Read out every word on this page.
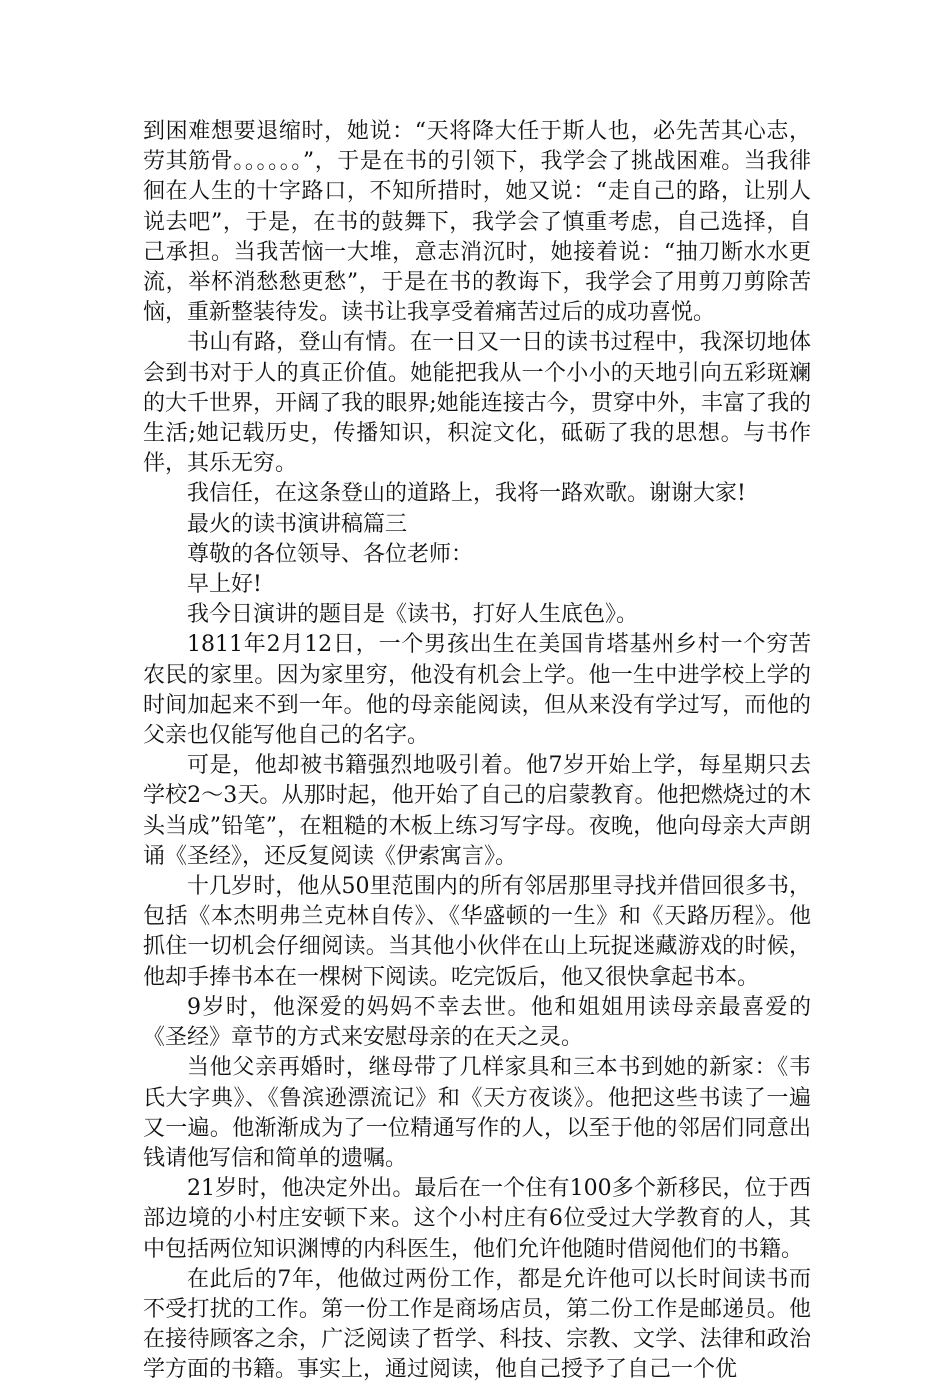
到困难想要退缩时，她说：“天将降大任于斯人也，必先苦其心志，劳其筋骨。。。。。。”，于是在书的引领下，我学会了挑战困难。当我徘徊在人生的十字路口，不知所措时，她又说：“走自己的路，让别人说去吧”，于是，在书的鼓舞下，我学会了慎重考虑，自己选择，自己承担。当我苦恼一大堆，意志消沉时，她接着说：“抽刀断水水更流，举杯消愁愁更愁”，于是在书的教诲下，我学会了用剪刀剪除苦恼，重新整装待发。读书让我享受着痛苦过后的成功喜悦。

书山有路，登山有情。在一日又一日的读书过程中，我深切地体会到书对于人的真正价值。她能把我从一个小小的天地引向五彩斑斓的大千世界，开阔了我的眼界;她能连接古今，贯穿中外，丰富了我的生活;她记载历史，传播知识，积淀文化，砥砺了我的思想。与书作伴，其乐无穷。

我信任，在这条登山的道路上，我将一路欢歌。谢谢大家!

最火的读书演讲稿篇三

尊敬的各位领导、各位老师：

早上好!

我今日演讲的题目是《读书，打好人生底色》。

1811年2月12日，一个男孩出生在美国肯塔基州乡村一个穷苦农民的家里。因为家里穷，他没有机会上学。他一生中进学校上学的时间加起来不到一年。他的母亲能阅读，但从来没有学过写，而他的父亲也仅能写他自己的名字。

可是，他却被书籍强烈地吸引着。他7岁开始上学，每星期只去学校2～3天。从那时起，他开始了自己的启蒙教育。他把燃烧过的木头当成”铅笔”，在粗糙的木板上练习写字母。夜晚，他向母亲大声朗诵《圣经》，还反复阅读《伊索寓言》。

十几岁时，他从50里范围内的所有邻居那里寻找并借回很多书，包括《本杰明弗兰克林自传》、《华盛顿的一生》和《天路历程》。他抓住一切机会仔细阅读。当其他小伙伴在山上玩捉迷藏游戏的时候，他却手捧书本在一棵树下阅读。吃完饭后，他又很快拿起书本。

9岁时，他深爱的妈妈不幸去世。他和姐姐用读母亲最喜爱的《圣经》章节的方式来安慰母亲的在天之灵。

当他父亲再婚时，继母带了几样家具和三本书到她的新家：《韦氏大字典》、《鲁滨逊漂流记》和《天方夜谈》。他把这些书读了一遍又一遍。他渐渐成为了一位精通写作的人，以至于他的邻居们同意出钱请他写信和简单的遗嘱。

21岁时，他决定外出。最后在一个住有100多个新移民，位于西部边境的小村庄安顿下来。这个小村庄有6位受过大学教育的人，其中包括两位知识渊博的内科医生，他们允许他随时借阅他们的书籍。

在此后的7年，他做过两份工作，都是允许他可以长时间读书而不受打扰的工作。第一份工作是商场店员，第二份工作是邮递员。他在接待顾客之余，广泛阅读了哲学、科技、宗教、文学、法律和政治学方面的书籍。事实上，通过阅读，他自己授予了自己一个优
